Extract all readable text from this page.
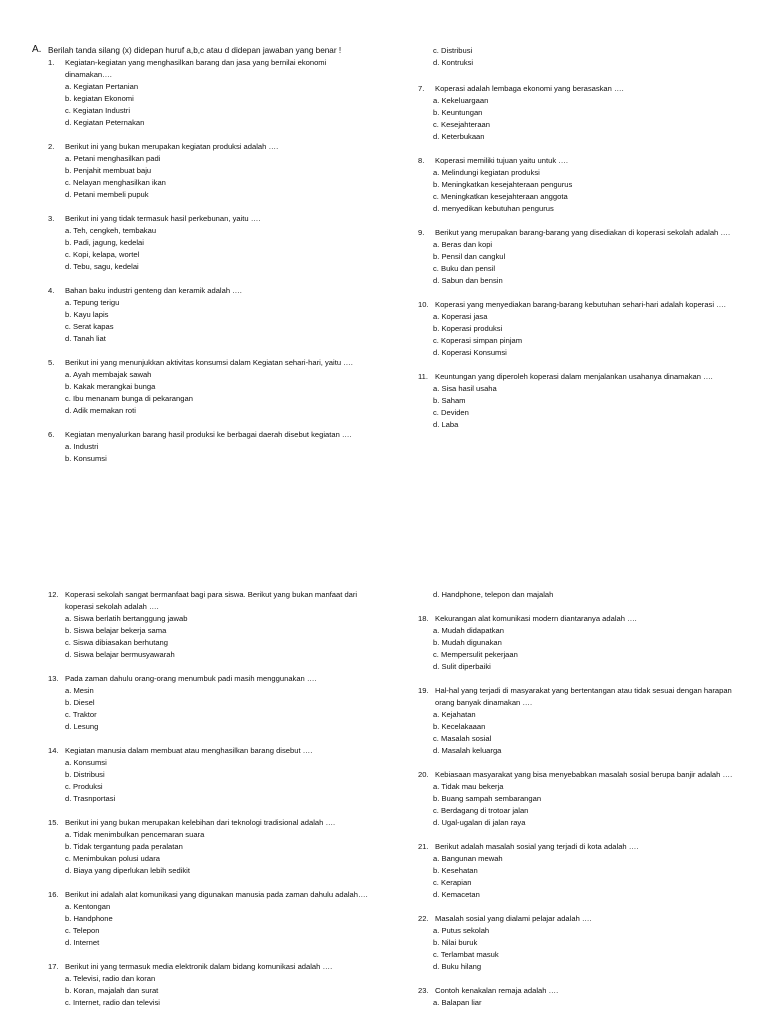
A. Berilah tanda silang (x) didepan huruf a,b,c atau d didepan jawaban yang benar !
1.	Kegiatan-kegiatan yang menghasilkan barang dan jasa yang bernilai ekonomi dinamakan….
a. Kegiatan Pertanian
b. kegiatan Ekonomi
c. Kegiatan Industri
d. Kegiatan Peternakan
2.	Berikut ini yang bukan merupakan kegiatan produksi adalah ….
a. Petani menghasilkan padi
b. Penjahit membuat baju
c. Nelayan menghasilkan ikan
d. Petani membeli pupuk
3.	Berikut ini yang tidak termasuk hasil perkebunan, yaitu ….
a. Teh, cengkeh, tembakau
b. Padi, jagung, kedelai
c. Kopi, kelapa, wortel
d. Tebu, sagu, kedelai
4.	Bahan baku industri genteng dan keramik adalah ….
a. Tepung terigu
b. Kayu lapis
c. Serat kapas
d. Tanah liat
5.	Berikut ini yang menunjukkan aktivitas konsumsi dalam Kegiatan sehari-hari, yaitu ….
a. Ayah membajak sawah
b. Kakak merangkai bunga
c. Ibu menanam bunga di pekarangan
d. Adik memakan roti
6.	Kegiatan menyalurkan barang hasil produksi ke berbagai daerah disebut kegiatan ….
a. Industri
b. Konsumsi
c. Distribusi
d. Kontruksi
7.	Koperasi adalah lembaga ekonomi yang berasaskan ….
a. Kekeluargaan
b. Keuntungan
c. Kesejahteraan
d. Keterbukaan
8.	Koperasi memiliki tujuan yaitu untuk ….
a. Melindungi kegiatan produksi
b. Meningkatkan kesejahteraan pengurus
c. Meningkatkan kesejahteraan anggota
d. menyedikan kebutuhan pengurus
9.	Berikut yang merupakan barang-barang yang disediakan di koperasi sekolah adalah ….
a. Beras dan kopi
b. Pensil dan cangkul
c. Buku dan pensil
d. Sabun dan bensin
10. Koperasi yang menyediakan barang-barang kebutuhan sehari-hari adalah koperasi ….
a. Koperasi jasa
b. Koperasi produksi
c. Koperasi simpan pinjam
d. Koperasi Konsumsi
11. Keuntungan yang diperoleh koperasi dalam menjalankan usahanya dinamakan ….
a. Sisa hasil usaha
b. Saham
c. Deviden
d. Laba
12. Koperasi sekolah sangat bermanfaat bagi para siswa. Berikut yang bukan manfaat dari koperasi sekolah adalah ….
a. Siswa berlatih bertanggung jawab
b. Siswa belajar bekerja sama
c. Siswa dibiasakan berhutang
d. Siswa belajar bermusyawarah
13. Pada zaman dahulu orang-orang menumbuk padi masih menggunakan ….
a. Mesin
b. Diesel
c. Traktor
d. Lesung
14. Kegiatan manusia dalam membuat atau menghasilkan barang disebut ….
a. Konsumsi
b. Distribusi
c. Produksi
d. Trasnportasi
15. Berikut ini yang bukan merupakan kelebihan dari teknologi tradisional adalah ….
a. Tidak menimbulkan pencemaran suara
b. Tidak tergantung pada peralatan
c. Menimbukan polusi udara
d. Biaya yang diperlukan lebih sedikit
16. Berikut ini adalah alat komunikasi yang digunakan manusia pada zaman dahulu adalah….
a. Kentongan
b. Handphone
c. Telepon
d. Internet
17. Berikut ini yang termasuk media elektronik dalam bidang komunikasi adalah ….
a. Televisi, radio dan koran
b. Koran, majalah dan surat
c. Internet, radio dan televisi
d. Handphone, telepon dan majalah
18. Kekurangan alat komunikasi modern diantaranya adalah ….
a. Mudah didapatkan
b. Mudah digunakan
c. Mempersulit pekerjaan
d. Sulit diperbaiki
19. Hal-hal yang terjadi di masyarakat yang bertentangan atau tidak sesuai dengan harapan orang banyak dinamakan ….
a. Kejahatan
b. Kecelakaaan
c. Masalah sosial
d. Masalah keluarga
20. Kebiasaan masyarakat yang bisa menyebabkan masalah sosial berupa banjir adalah ….
a. Tidak mau bekerja
b. Buang sampah sembarangan
c. Berdagang di trotoar jalan
d. Ugal-ugalan di jalan raya
21. Berikut adalah masalah sosial yang terjadi di kota adalah ….
a. Bangunan mewah
b. Kesehatan
c. Kerapian
d. Kemacetan
22. Masalah sosial yang dialami pelajar adalah ….
a. Putus sekolah
b. Nilai buruk
c. Terlambat masuk
d. Buku hilang
23. Contoh kenakalan remaja adalah ….
a. Balapan liar
